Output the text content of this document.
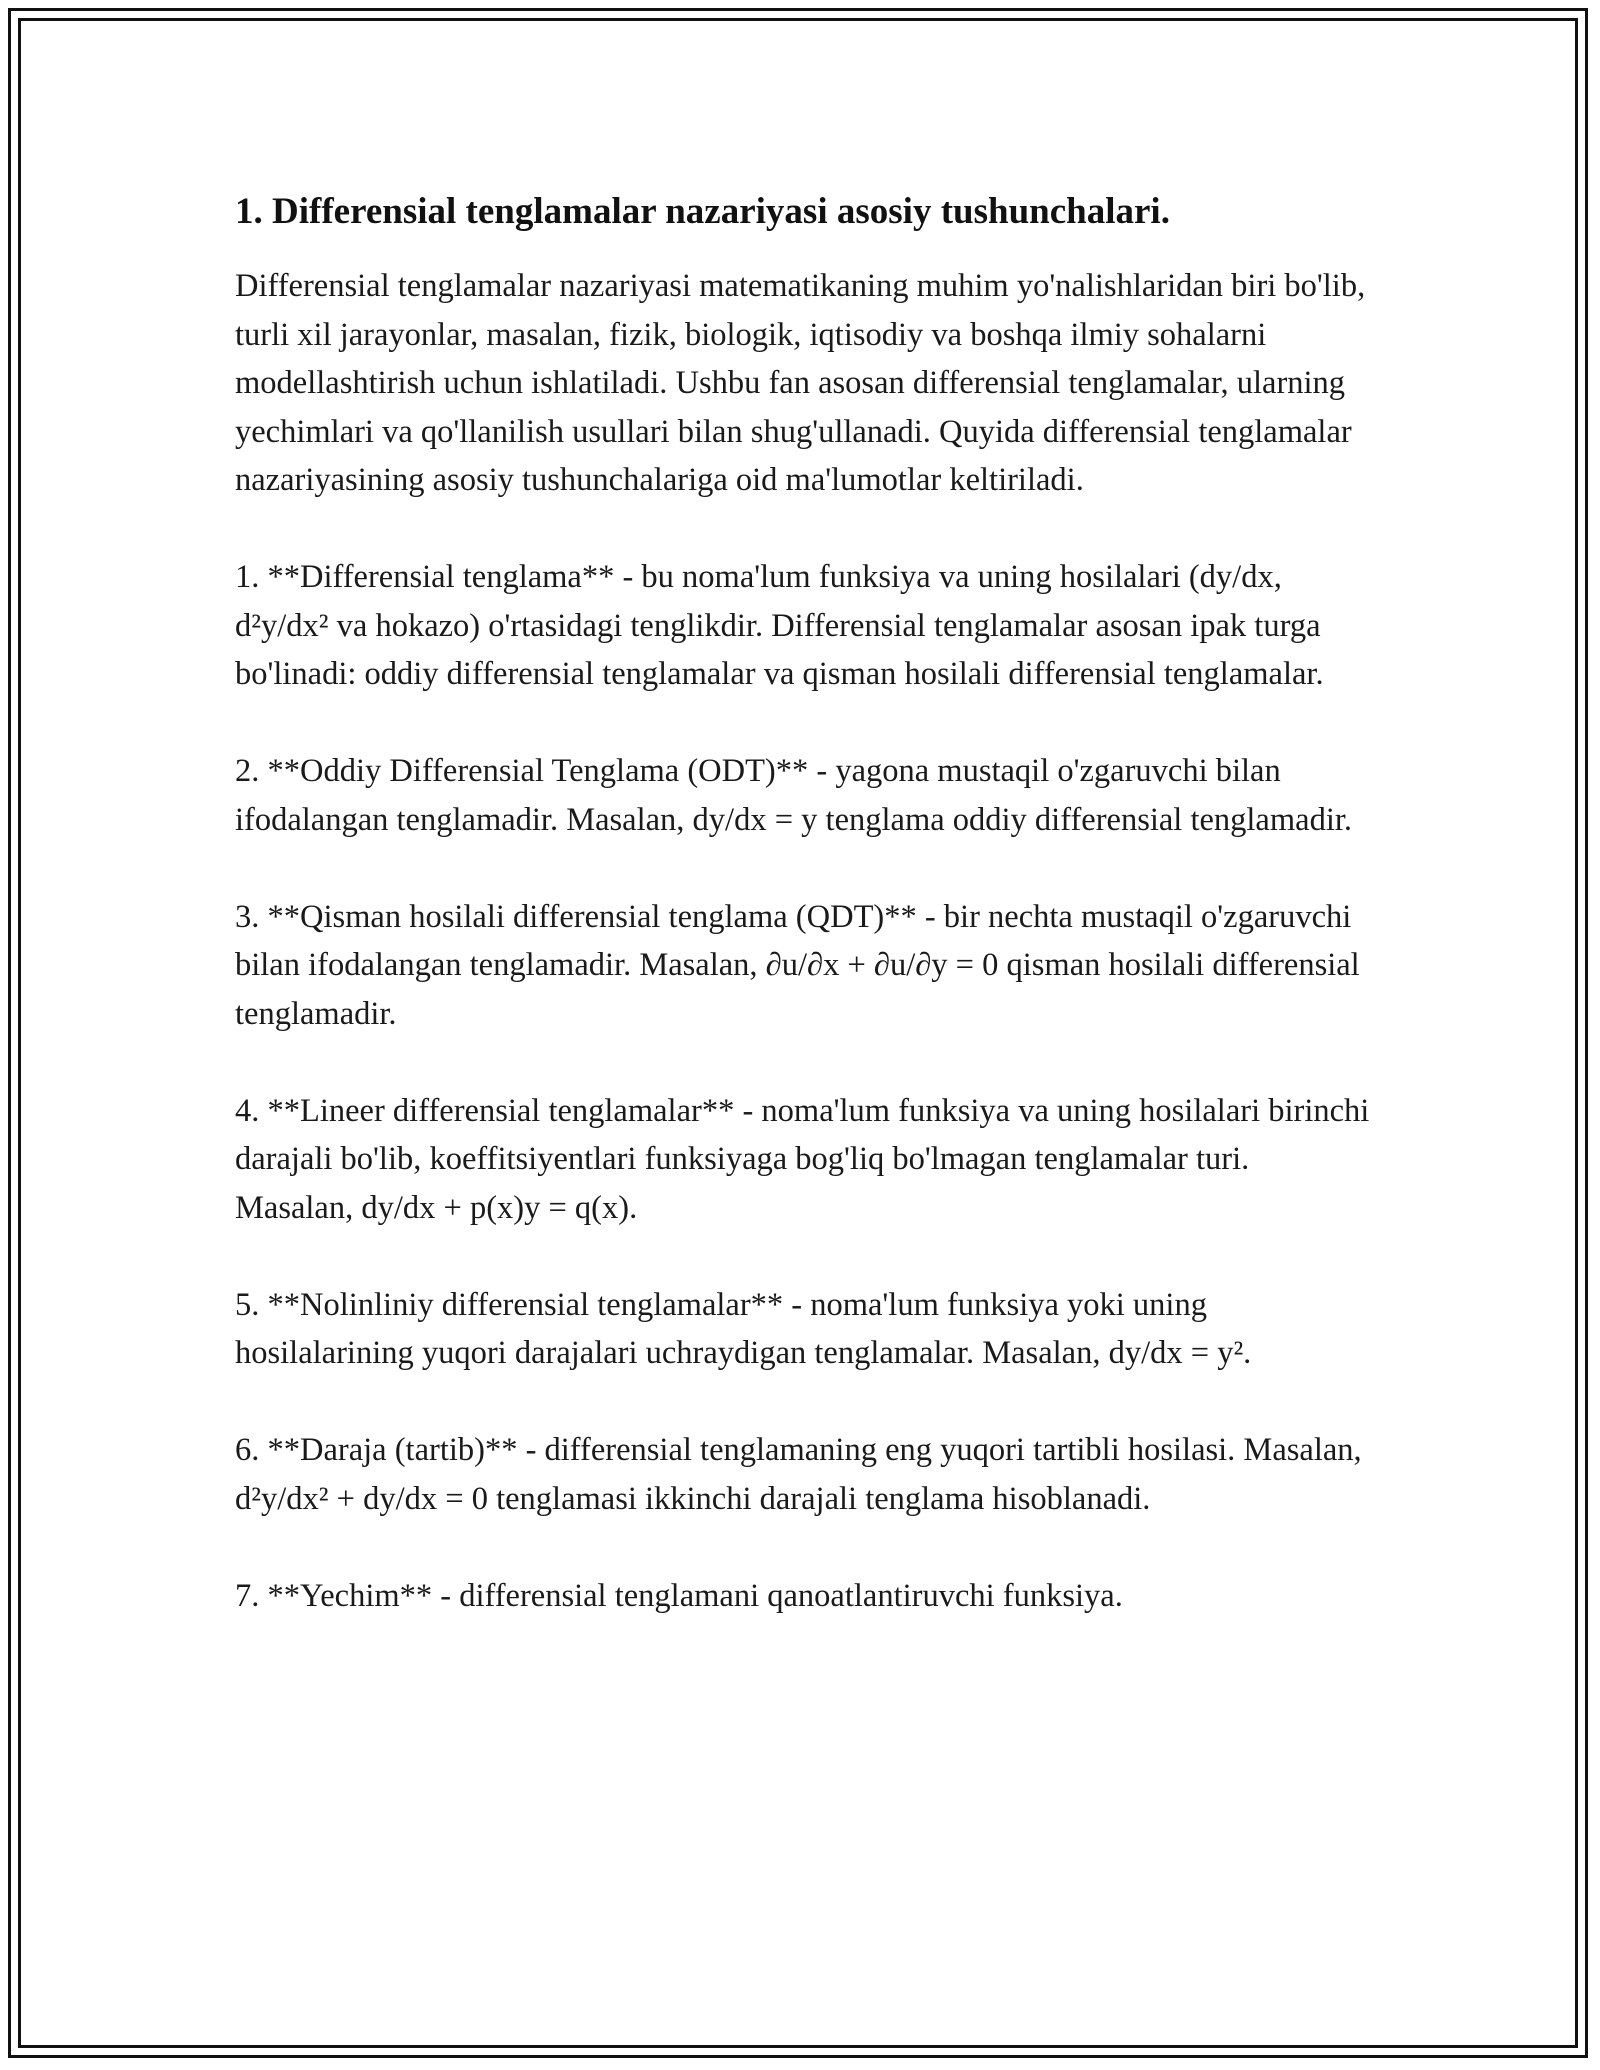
1. Differensial tenglamalar nazariyasi asosiy tushunchalari.

Differensial tenglamalar nazariyasi matematikaning muhim yo'nalishlaridan biri bo'lib, turli xil jarayonlar, masalan, fizik, biologik, iqtisodiy va boshqa ilmiy sohalarni modellashtirish uchun ishlatiladi. Ushbu fan asosan differensial tenglamalar, ularning yechimlari va qo'llanilish usullari bilan shug'ullanadi. Quyida differensial tenglamalar nazariyasining asosiy tushunchalariga oid ma'lumotlar keltiriladi.

1. **Differensial tenglama** - bu noma'lum funksiya va uning hosilalari (dy/dx, d²y/dx² va hokazo) o'rtasidagi tenglikdir. Differensial tenglamalar asosan ipak turga bo'linadi: oddiy differensial tenglamalar va qisman hosilali differensial tenglamalar.

2. **Oddiy Differensial Tenglama (ODT)** - yagona mustaqil o'zgaruvchi bilan ifodalangan tenglamadir. Masalan, dy/dx = y tenglama oddiy differensial tenglamadir.

3. **Qisman hosilali differensial tenglama (QDT)** - bir nechta mustaqil o'zgaruvchi bilan ifodalangan tenglamadir. Masalan, ∂u/∂x + ∂u/∂y = 0 qisman hosilali differensial tenglamadir.

4. **Lineer differensial tenglamalar** - noma'lum funksiya va uning hosilalari birinchi darajali bo'lib, koeffitsiyentlari funksiyaga bog'liq bo'lmagan tenglamalar turi. Masalan, dy/dx + p(x)y = q(x).

5. **Nolinliniy differensial tenglamalar** - noma'lum funksiya yoki uning hosilalarining yuqori darajalari uchraydigan tenglamalar. Masalan, dy/dx = y².

6. **Daraja (tartib)** - differensial tenglamaning eng yuqori tartibli hosilasi. Masalan, d²y/dx² + dy/dx = 0 tenglamasi ikkinchi darajali tenglama hisoblanadi.

7. **Yechim** - differensial tenglamani qanoatlantiruvchi funksiya.
